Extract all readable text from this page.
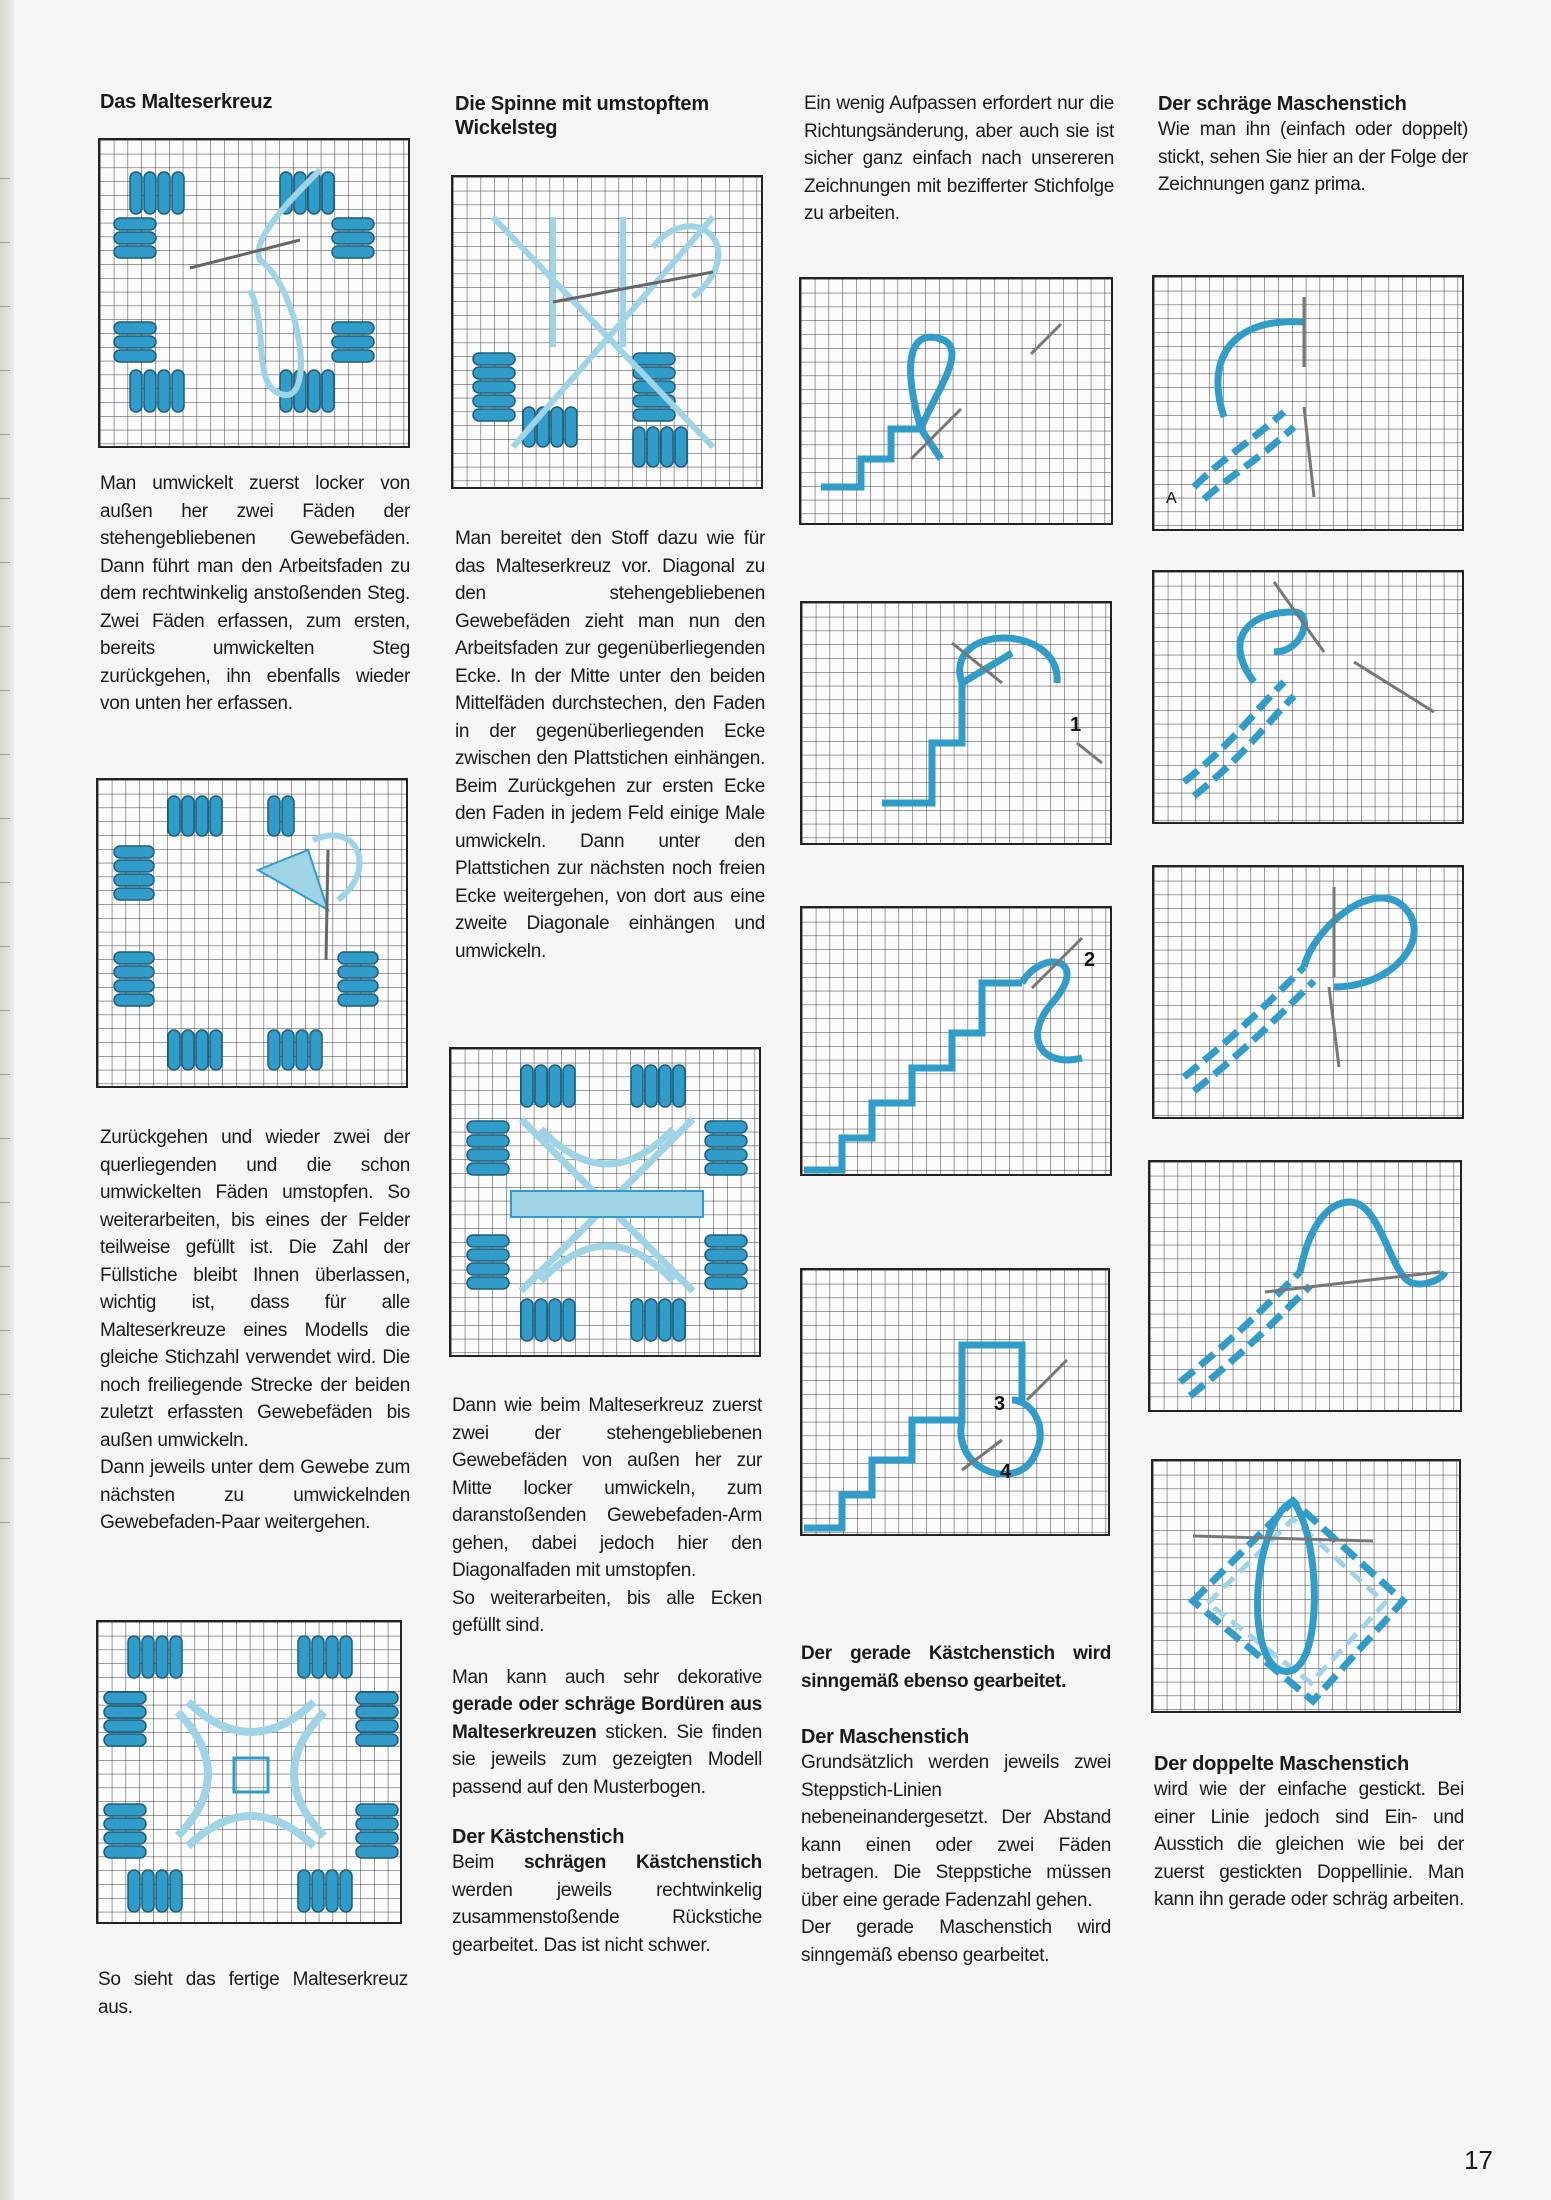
Das Malteserkreuz

Man umwickelt zuerst locker von außen her zwei Fäden der stehengebliebenen Gewebefäden. Dann führt man den Arbeitsfaden zu dem rechtwinkelig anstoßenden Steg. Zwei Fäden erfassen, zum ersten, bereits umwickelten Steg zurückgehen, ihn ebenfalls wieder von unten her erfassen.

Zurückgehen und wieder zwei der querliegenden und die schon umwickelten Fäden umstopfen. So weiterarbeiten, bis eines der Felder teilweise gefüllt ist. Die Zahl der Füllstiche bleibt Ihnen überlassen, wichtig ist, dass für alle Malteserkreuze eines Modells die gleiche Stichzahl verwendet wird. Die noch freiliegende Strecke der beiden zuletzt erfassten Gewebefäden bis außen umwickeln.

Dann jeweils unter dem Gewebe zum nächsten zu umwickelnden Gewebefaden-Paar weitergehen.

So sieht das fertige Malteserkreuz aus.

Die Spinne mit umstopftem Wickelsteg

Man bereitet den Stoff dazu wie für das Malteserkreuz vor. Diagonal zu den stehengebliebenen Gewebefäden zieht man nun den Arbeitsfaden zur gegenüberliegenden Ecke. In der Mitte unter den beiden Mittelfäden durchstechen, den Faden in der gegenüberliegenden Ecke zwischen den Plattstichen einhängen. Beim Zurückgehen zur ersten Ecke den Faden in jedem Feld einige Male umwickeln. Dann unter den Plattstichen zur nächsten noch freien Ecke weitergehen, von dort aus eine zweite Diagonale einhängen und umwickeln.

Dann wie beim Malteserkreuz zuerst zwei der stehengebliebenen Gewebefäden von außen her zur Mitte locker umwickeln, zum daranstoßenden Gewebefaden-Arm gehen, dabei jedoch hier den Diagonalfaden mit umstopfen.

So weiterarbeiten, bis alle Ecken gefüllt sind.

Man kann auch sehr dekorative gerade oder schräge Bordüren aus Malteserkreuzen sticken. Sie finden sie jeweils zum gezeigten Modell passend auf den Musterbogen.

Der Kästchenstich

Beim schrägen Kästchenstich werden jeweils rechtwinkelig zusammenstoßende Rückstiche gearbeitet. Das ist nicht schwer.

Ein wenig Aufpassen erfordert nur die Richtungsänderung, aber auch sie ist sicher ganz einfach nach unsereren Zeichnungen mit bezifferter Stichfolge zu arbeiten.

1
2
3
4

Der gerade Kästchenstich wird sinngemäß ebenso gearbeitet.

Der Maschenstich

Grundsätzlich werden jeweils zwei Steppstich-Linien nebeneinandergesetzt. Der Abstand kann einen oder zwei Fäden betragen. Die Steppstiche müssen über eine gerade Fadenzahl gehen.

Der gerade Maschenstich wird sinngemäß ebenso gearbeitet.

Der schräge Maschenstich

Wie man ihn (einfach oder doppelt) stickt, sehen Sie hier an der Folge der Zeichnungen ganz prima.

A
Der doppelte Maschenstich

wird wie der einfache gestickt. Bei einer Linie jedoch sind Ein- und Ausstich die gleichen wie bei der zuerst gestickten Doppellinie. Man kann ihn gerade oder schräg arbeiten.

17
